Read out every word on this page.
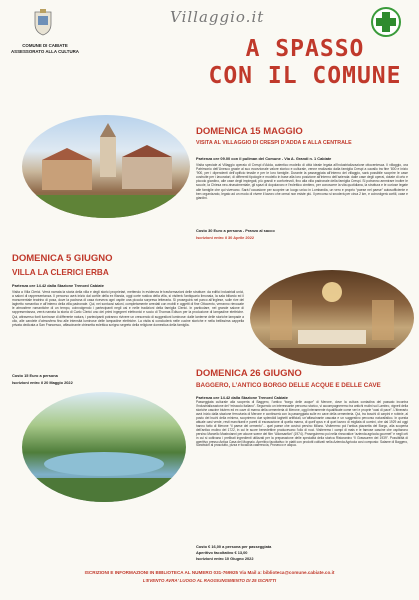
COMUNE DI CABIATE
ASSESSORATO ALLA CULTURA
Villaggio.it
A SPASSO
CON IL COMUNE
DOMENICA 15 MAGGIO
VISITA AL VILLAGGIO DI CRESPI D’ADDA E ALLA CENTRALE
Partenza ore 09.00 con il pullman del Comune - Via A. Grandi n. 1 Cabiate
Visita speciale al Villaggio operaio di Crespi d’Adda, autentico modello di città ideale legata all’industrializzazione ottocentesca. Il villaggio, ora Patrimonio dell’Unesco grazie al suo eccezionale valore storico e culturale, venne realizzato dalla famiglia Crespi a cavallo tra fine ’800 e inizio ’900, per i dipendenti dell’opificio tessile e per le loro famiglie. Durante la passeggiata all’interno del villaggio, sarà possibile scoprire le case costruite per i lavoratori, di differenti tipologie e modello in base alla loro posizione all’interno dell’azienda: dalle case degli operai, dotate di orto e piccolo giardino, alle case degli impiegati, più grandi e confortevoli, fino alla villa padronale della famiglia Crespi. Si potranno ammirare inoltre le scuole, la Chiesa neo-rinascimentale, gli spazi di dopolavoro e l’eclettico cimitero, per conoscere la vita quotidiana, la struttura e le curiose legate alle famiglie che qui vivevano. Sarà l’occasione per scoprire un luogo unico in Lombardia, un vero e proprio “paese nel paese” autosufficiente e ben organizzato, legato ad un modo di vivere il lavoro che ormai non esiste più. Il percorso si snoderà per circa 2 km, e coinvolgerà cortili, case e giardini.
Costo 30 Euro a persona - Pranzo al sacco
Iscrizioni entro il 30 Aprile 2022
DOMENICA 5 GIUGNO
VILLA LA CLERICI ERBA
Partenza ore 14.42 dalla Stazione Trenord Cabiate
Visita a Villa Clerici. Verrà narrata la storia della villa e degli storici proprietari, mettendo in evidenza le trasformazioni delle strutture: da edifici industriali unici, a saloni di rappresentanza. Il percorso avrà inizio dal cortile della ex filanda, oggi corte rustica della villa, si visiterà l’antiquario limonaia, la sala biliardo ed il monumentale teatrino di posa, dove la padrona di casa riceveva ogni ospite una piccola sorpresa letteraria. Si proseguirà nel parco all’inglese, sulle rive del laghetto romantico e all’interno della villa padronale. Qui, nei sontuosi saloni, completamente arredati con mobili e oggetti di fine Ottocento, verranno rievocate le atmosfere romantiche di un tempo, coinvolgendo i partecipanti negli usi e nelle tradizioni della famiglia Clerici. In particolare, nel grande salone di rappresentanza, verrà narrata la storia di Carlo Clerici uno dei primi ingegneri elettronici e socio di Thomas Edison per la produzione di lampadine elettriche. Qui, attraverso fonti luminose di differente natura, i partecipanti potranno rivivere un crescendo di suggestioni luminose: dalle lanterne delle storiche lampade a olio, alle candele d’atmosfera fino alle intensità luminose delle lampadine elettriche. La visita si concluderà nelle cucine storiche e nella bellissima cappella privata dedicata a San Francesco, affascinante chiesetta eclettica scrigno segreto della religione domestica della famiglia.
Costo 15 Euro a persona
Iscrizioni entro il 20 Maggio 2022
DOMENICA 26 GIUGNO
BAGGERO, L’ANTICO BORGO DELLE ACQUE E DELLE CAVE
Partenza ore 14.42 dalla Stazione Trenord Cabiate
Passeggiata culturale alla scoperta di Baggero, l’antico “borgo delle acque” di Merone, dove la cultura contadina del passato incontra l’industrializzazione del “miracolo italiano”. Seguendo un interessante percorso storico, vi accompagneremo tra antichi mulini sul Lambro, vigneti della storiche cascine biutem ed ex cave di marna della cementeria di Merone, oggi interamente riqualificate come veri e proprie “oasi di pace”. L’itinerario avrà inizio dalla stazione ferroviaria di Merone e continuerà con la passeggiata sulle ex cave della cementeria. Qui, tra boschi di carpini e robinie, al posto dei buchi della miniera, scopriremo due splendidi laghetti artificiali, un’affascinante cascata e un suggestivo percorso naturalistico. In questa attuale oasi verde, resti marchianti e pareti di escavazione di quella marna, di quell’opus e di quel lavoro di migliaia di uomini, che dal 1929 ad oggi hanno fatto di Merone “il paese del cemento”... quel paese che costruì persino Milano. Visiteremo poi l’antica piazzetta del Borgo, alla scoperta dell’antico mulino del 1722, in cui le suore benedettine producevano l’olio di noci. Visiteremo i campi di mais e le famose cascine che ospitarono persino Marcello Mastroianni per alcune scene del film “Allonsanfàn” (1974). Proseguiremo poi nella rinnovatice “azienda agricola gourmet” e negli orti in cui si coltivano i prelibati ingredienti utilizzati per la preparazione delle specialità della storica Ristoranino “Il Grassurem del 1939”. Possibilità di aperitivo presso Antica Casa del Mugnaio. Aperitivo facoltativo: in piatti con prodotti coltivati nella Azienda Agricola cosi composto: Salame di Baggero, Sandwich al prosciutto, pizza e focaccia casereccia, Prosecco e acqua.
Costo € 16,00 a persona per passeggiata
Aperitivo facoltativo € 13,00
Iscrizioni entro 10 Giugno 2022
ISCRIZIONI E INFORMAZIONI IN BIBLIOTECA AL NUMERO 031-769925 Via Mail a: biblioteca@comune.cabiate.co.it
L’EVENTO AVRA’ LUOGO AL RAGGIUNGIMENTO DI 25 ISCRITTI
